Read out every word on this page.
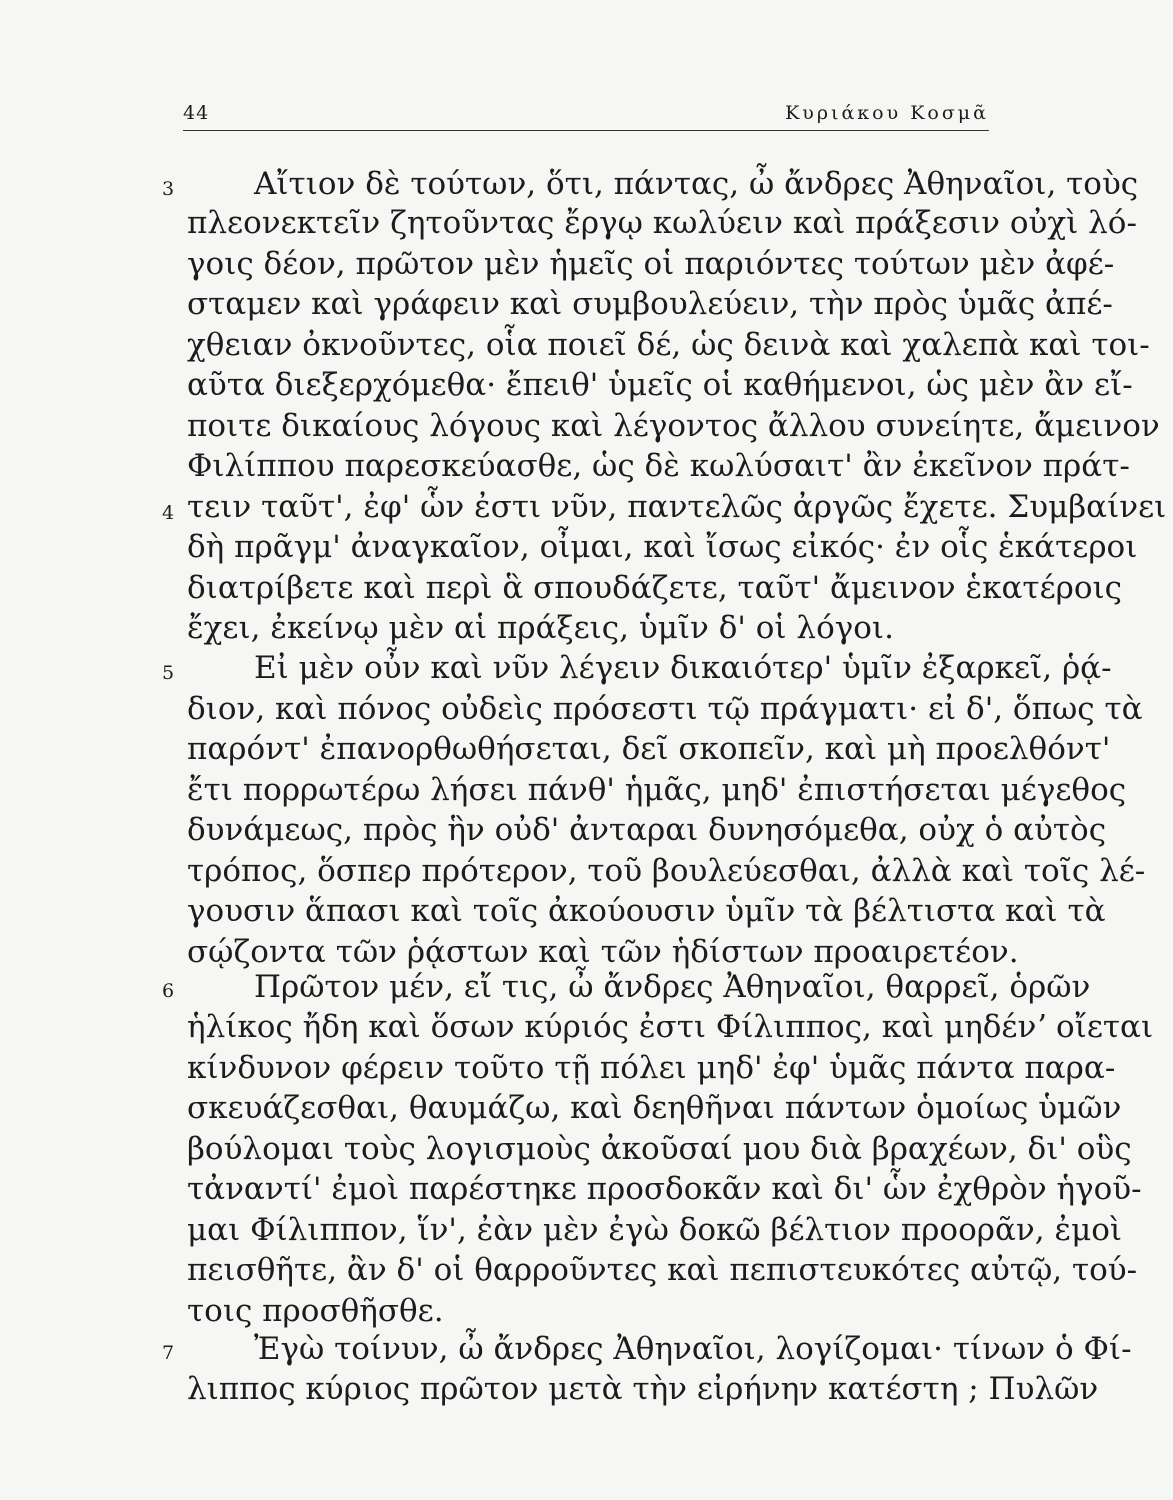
44	Κυριάκου Κοσμᾶ
3
4
5
6
7
Αἴτιον δὲ τούτων, ὅτι, πάντας, ὦ ἄνδρες Ἀθηναῖοι, τοὺς
πλεονεκτεῖν ζητοῦντας ἔργῳ κωλύειν καὶ πράξεσιν οὐχὶ λό-
γοις δέον, πρῶτον μὲν ἡμεῖς οἱ παριόντες τούτων μὲν ἀφέ-
σταμεν καὶ γράφειν καὶ συμβουλεύειν, τὴν πρὸς ὑμᾶς ἀπέ-
χθειαν ὀκνοῦντες, οἷα ποιεῖ δέ, ὡς δεινὰ καὶ χαλεπὰ καὶ τοι-
αῦτα διεξερχόμεθα· ἔπειθ' ὑμεῖς οἱ καθήμενοι, ὡς μὲν ἂν εἴ-
ποιτε δικαίους λόγους καὶ λέγοντος ἄλλου συνείητε, ἄμεινον
Φιλίππου παρεσκεύασθε, ὡς δὲ κωλύσαιτ' ἂν ἐκεῖνον πράτ-
τειν ταῦτ', ἐφ' ὧν ἐστι νῦν, παντελῶς ἀργῶς ἔχετε. Συμβαίνει
δὴ πρᾶγμ' ἀναγκαῖον, οἶμαι, καὶ ἴσως εἰκός· ἐν οἷς ἑκάτεροι
διατρίβετε καὶ περὶ ἃ σπουδάζετε, ταῦτ' ἄμεινον ἑκατέροις
ἔχει, ἐκείνῳ μὲν αἱ πράξεις, ὑμῖν δ' οἱ λόγοι.
Εἰ μὲν οὖν καὶ νῦν λέγειν δικαιότερ' ὑμῖν ἐξαρκεῖ, ῥᾴ-
διον, καὶ πόνος οὐδεὶς πρόσεστι τῷ πράγματι· εἰ δ', ὅπως τὰ
παρόντ' ἐπανορθωθήσεται, δεῖ σκοπεῖν, καὶ μὴ προελθόντ'
ἔτι πορρωτέρω λήσει πάνθ' ἡμᾶς, μηδ' ἐπιστήσεται μέγεθος
δυνάμεως, πρὸς ἣν οὐδ' ἀνταραι δυνησόμεθα, οὐχ ὁ αὐτὸς
τρόπος, ὅσπερ πρότερον, τοῦ βουλεύεσθαι, ἀλλὰ καὶ τοῖς λέ-
γουσιν ἅπασι καὶ τοῖς ἀκούουσιν ὑμῖν τὰ βέλτιστα καὶ τὰ
σῴζοντα τῶν ῥᾴστων καὶ τῶν ἡδίστων προαιρετέον.
Πρῶτον μέν, εἴ τις, ὦ ἄνδρες Ἀθηναῖοι, θαρρεῖ, ὁρῶν
ἡλίκος ἤδη καὶ ὅσων κύριός ἐστι Φίλιππος, καὶ μηδένʼ οἴεται
κίνδυνον φέρειν τοῦτο τῇ πόλει μηδ' ἐφ' ὑμᾶς πάντα παρα-
σκευάζεσθαι, θαυμάζω, καὶ δεηθῆναι πάντων ὁμοίως ὑμῶν
βούλομαι τοὺς λογισμοὺς ἀκοῦσαί μου διὰ βραχέων, δι' οὓς
τἀναντί' ἐμοὶ παρέστηκε προσδοκᾶν καὶ δι' ὧν ἐχθρὸν ἡγοῦ-
μαι Φίλιππον, ἵν', ἐὰν μὲν ἐγὼ δοκῶ βέλτιον προορᾶν, ἐμοὶ
πεισθῆτε, ἂν δ' οἱ θαρροῦντες καὶ πεπιστευκότες αὐτῷ, τού-
τοις προσθῆσθε.
Ἐγὼ τοίνυν, ὦ ἄνδρες Ἀθηναῖοι, λογίζομαι· τίνων ὁ Φί-
λιππος κύριος πρῶτον μετὰ τὴν εἰρήνην κατέστη ; Πυλῶν
